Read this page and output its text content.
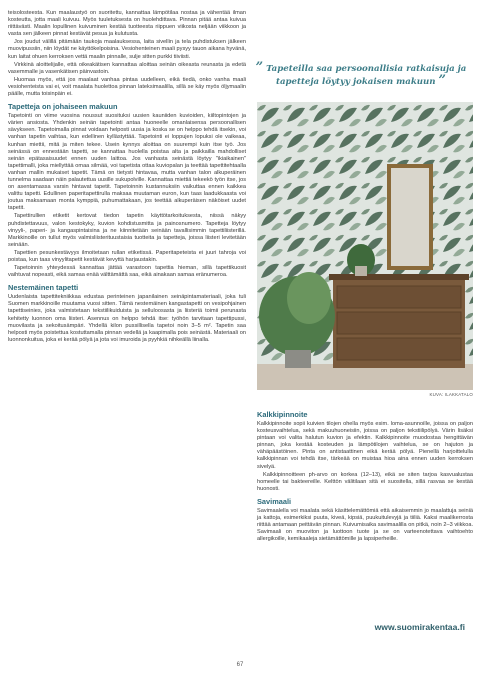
teisolosteesta. Kun maalaustyö on suoritettu, kannattaa lämpötilaa nostaa ja vähentää ilman kosteutta, jotta maali kuivuu. Myös tuuletuksesta on huolehdittava. Pinnan pitää antaa kuivua riittävästi. Maalin lopullinen kuivuminen kestää tuotteesta riippuen viikosta neljään viikkoon ja vasta sen jälkeen pinnat kestävät pesua ja kulutusta.

Jos joudut välillä pitämään taukoja maalauksessa, laita sivellin ja tela puhdistuksen jälkeen muovipussiin, niin löydät ne käyttökelpoisina. Vesiohenteinen maali pysyy tauon aikana hyvänä, kun laitat ohuen kerroksen vettä maalin pinnalle, sulje sitten purkki tiiviisti.

Virkkinä aloittelijalle, että oikeakätisen kannattaa aloittaa seinän oikeasta reunasta ja edetä vasemmalle ja vasenkätisen päinvastoin.

Huomaa myös, että jos maalaat vanhaa pintaa uudelleen, eikä tiedä, onko vanha maali vesiohenteista vai ei, voit maalata huolettoa pinnan lateksimaalilla, sillä se käy myös öljymaalin päälle, mutta toisinpäin ei.

Tapetteja on johaiseen makuun

Tapetointi on viime vuosina noussut suosituksi uusien kauniiden kuvioiden, kiiltopintojen ja värien ansiosta. Yhdenkin seinän tapetointi antaa huoneelle omanlaisensa persoonallisen sävykseen. Tapetoimalla pinnat voidaan helposti uusia ja koska se on helppo tehdä itsekin, voi vanhan tapetin vaihtaa, kun edellinen kyllästyttää. Tapetointi ei loppujen lopuksi ole vaikeaa, kunhan miettii, mitä ja miten tekee. Usein kynnys aloittaa on suurempi kuin itse työ. Jos seinässä on ennestään tapetti, se kannattaa huolella poistaa alta ja paikkailla mahdolliset seinän epätasaisuudet ennen uuden laittoa. Jos vanhasta seinästä löytyy "ikiaikainen" tapettimalli, joka miellyttää omaa silmää, voi tapetista ottaa kuviopalan ja teettää tapettitehtaalla vanhan mallin mukaiset tapetit. Tämä on tietysti hintavaa, mutta vanhan talon alkuperäinen tunnelma saadaan näin palautettua uusille sukupolville. Kannattaa miettiä tekeekö työn itse, jos on asentamassa varsin hintavat tapetit. Tapetoinnin kustannuksiin vaikuttaa ennen kaikkea valittu tapetti. Edullinen paperitapettirulla maksaa muutaman euron, kun taas laadukkaasta voi joutua maksamaan monta kymppiä, puhumattakaan, jos teettää alkuperäisen näköiset uudet tapetit.

Tapettirullien etiketit kertovat tiedon tapetin käyttötarkoituksesta, niissä näkyy puhdistettavuus, valon kestokyky, kuvion kohdistusmitta ja painosnumero. Tapetteja löytyy vinyyli-, paperi- ja kangaspintaisina ja ne kiinnitetään seinään tavallisimmin tapettiliisterillä. Markkinoille on tullut myös valmisliisterituustaisia tuotteita ja tapetteja, joissa liisteri levitetään seinään.

Tapettien pesunkestävyys ilmoitetaan rullan etiketissä. Paperitapeteista ei juuri tahroja voi poistaa, kun taas vinyylitapetit kestävät kevyttä harjaustakin.

Tapetoinnin yhteydessä kannattaa jättää varastoon tapettia hieman, sillä tapettikuosit vaihtuvat nopeasti, eikä samaa enää välttämättä saa, eikä ainakaan samaa eränumeroa.

Nestemäinen tapetti

Uudenlaista tapettitekniikkaa edustaa perinteinen japanilainen seinäpintamateriaali, joka tuli Suomen markkinoille muutama vuosi sitten. Tämä nestemäinen kangastapetti on vesipohjainen tapettiseinies, joka valmistetaan tekstiilikuiduista ja selluloosasta ja liisteriä toimii perunasta kehitetty luonnon oma liisteri. Asennus on helppo tehdä itse: työhön tarvitaan tapettipussi, muovilasta ja sekoitusämpäri. Yhdellä kilon pussillisella tapetoi noin 3–5 m². Tapetin saa helposti myös poistettua kostuttamalla pinnan vedellä ja kaapimalla pois seinästä. Materiaali on luonnonkuitua, joka ei kerää pölyä ja jota voi imuroida ja pyyhkiä nihkeällä liinalla.

” Tapeteilla saa persoonallisia ratkaisuja ja tapetteja löytyy jokaisen makuun ”
KUVA: ILAKKATALO
Kalkkipinnoite

Kalkkipinnoite sopii kuivien tilojen ohella myös esim. loma-asunnoille, joissa on paljon kosteusvaihtelua, sekä makuuhuoneisiin, joissa on paljon tekstiilipölyä. Värin lisäksi pintaan voi valita halutun kuvion ja efektin. Kalkkipinnoite muodostaa hengittävän pinnan, joka kestää kosteuden ja lämpötilojen vaihtelua, se on hajuton ja vähäpäästöinen. Pinta on antistaattinen eikä kerää pölyä. Pienellä harjoittelulla kalkkipinnan voi tehdä itse, tärkeää on muistaa hioa aina ennen uuden kerroksen sivelyä.

Kalkkipinnoitteen ph-arvo on korkea (12–13), eikä se siten tarjoa kasvualustaa homeelle tai bakteereille. Kelttön välitilaan sitä ei suositella, sillä rasvaa se kestää huonosti.

Savimaali

Savimaalella voi maalata sekä käsittelemättömiä että aikaisemmin jo maalattuja seiniä ja kattoja, esimerkiksi puuta, kiveä, kipsiä, puukuitulevyjä ja tiiliä. Kaksi maalikerrosta riittää antamaan peittävän pinnan. Kuivumisaika savimaalilla on pitkä, noin 2–3 viikkoa. Savimaali on muoviton ja luottoon tuote ja se on varteenotettava vaihtoehto allergikoille, kemikaaleja sietämättömille ja lapsiperheille.

www.suomirakentaa.fi
67
